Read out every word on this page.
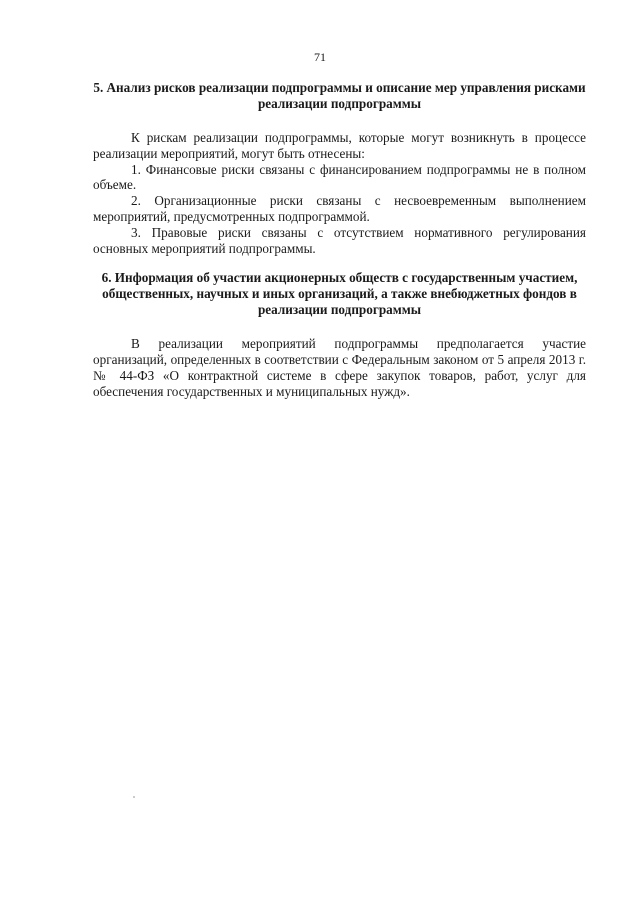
71
5. Анализ рисков реализации подпрограммы и описание мер управления рисками
реализации подпрограммы

К рискам реализации подпрограммы, которые могут возникнуть в процессе реализации мероприятий, могут быть отнесены:

1. Финансовые риски связаны с финансированием подпрограммы не в полном объеме.

2. Организационные риски связаны с несвоевременным выполнением мероприятий, предусмотренных подпрограммой.

3. Правовые риски связаны с отсутствием нормативного регулирования основных мероприятий подпрограммы.

6. Информация об участии акционерных обществ с государственным участием,
общественных, научных и иных организаций, а также внебюджетных фондов в
реализации подпрограммы

В реализации мероприятий подпрограммы предполагается участие организаций, определенных в соответствии с Федеральным законом от 5 апреля 2013 г. № 44-ФЗ «О контрактной системе в сфере закупок товаров, работ, услуг для обеспечения государственных и муниципальных нужд».
